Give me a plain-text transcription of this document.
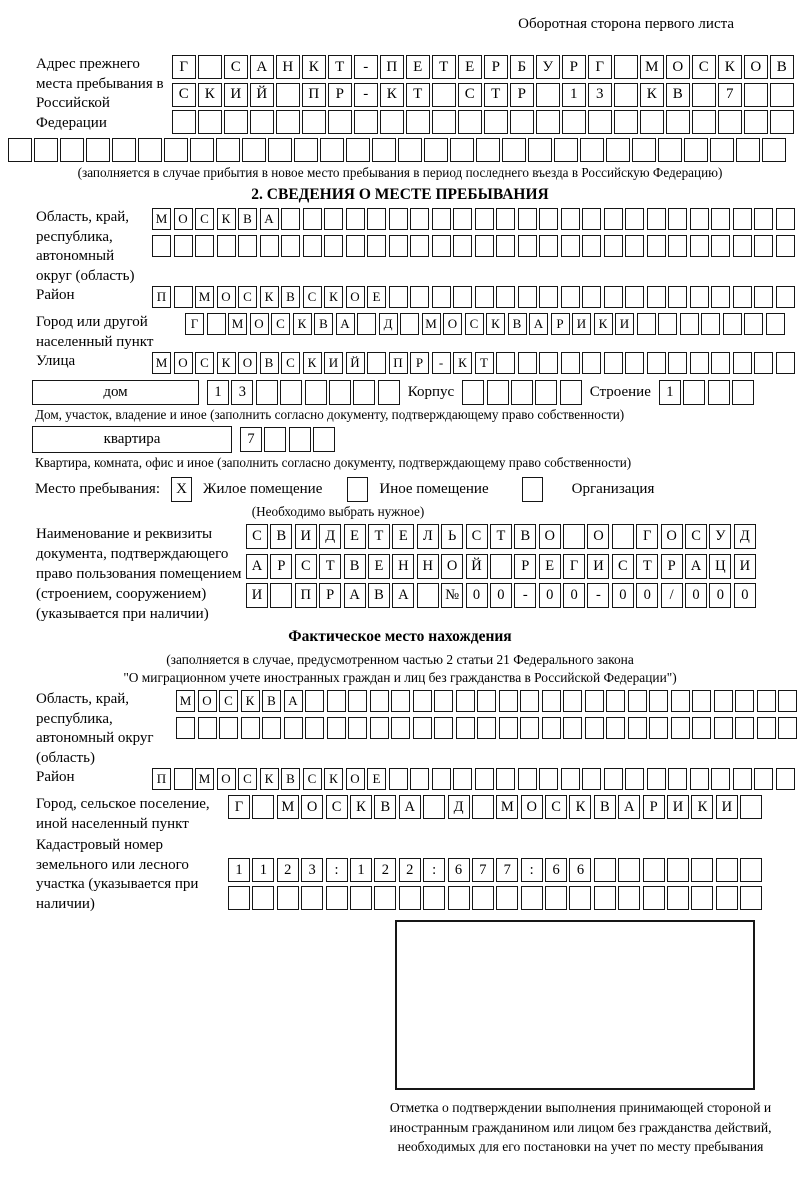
Оборотная сторона первого листа
Адрес прежнего места пребывания в Российской Федерации
Г	С	А	Н	К	Т	-	П	Е	Т	Е	Р	Б	У	Р	Г	М О	С	К	О	В
С	К	И	Й	П	Р	-	К	Т	С	Т	Р	1	3	К	В	7
(заполняется в случае прибытия в новое место пребывания в период последнего въезда в Российскую Федерацию)
2. СВЕДЕНИЯ О МЕСТЕ ПРЕБЫВАНИЯ
Область, край, республика, автономный округ (область)
М О С К В А
Район	П	М О С К В С К О Е
Город или другой населенный пункт
Г	М О С К В А	Д	М О С К В А	Р	И К И
Улица	М О С К О В С К И Й	П	Р	-	К	Т
дом	1	3	Корпус	Строение	1
Дом, участок, владение и иное (заполнить согласно документу, подтверждающему право собственности)
квартира	7
Квартира, комната, офис и иное (заполнить согласно документу, подтверждающему право собственности)
Место пребывания:	X	Жилое помещение	Иное помещение	Организация
(Необходимо выбрать нужное)
Наименование и реквизиты документа, подтверждающего право пользования помещением (строением, сооружением) (указывается при наличии)
С	В И Д	Е	Т	Е	Л	Ь	С	Т	В О	О	Г	О С У Д
А	Р	С	Т	В	Е	Н Н О Й	Р	Е	Г	И С	Т	Р	А Ц И
И	П	Р	А В А	№ 0	0	-	0	0	-	0	0	/	0	0	0
Фактическое место нахождения
(заполняется в случае, предусмотренном частью 2 статьи 21 Федерального закона
"О миграционном учете иностранных граждан и лиц без гражданства в Российской Федерации")
Область, край, республика, автономный округ (область)
М О С К В А
Район	П	М О С К В С К О Е
Город, сельское поселение, иной населенный пункт
Г	М О С	К	В А	Д	М О С	К	В А	Р	И К И
Кадастровый номер земельного или лесного участка (указывается при наличии)
1	1	2	3	:	1	2	2	:	6	7	7	:	6	6
Отметка о подтверждении выполнения принимающей стороной и иностранным гражданином или лицом без гражданства действий, необходимых для его постановки на учет по месту пребывания
